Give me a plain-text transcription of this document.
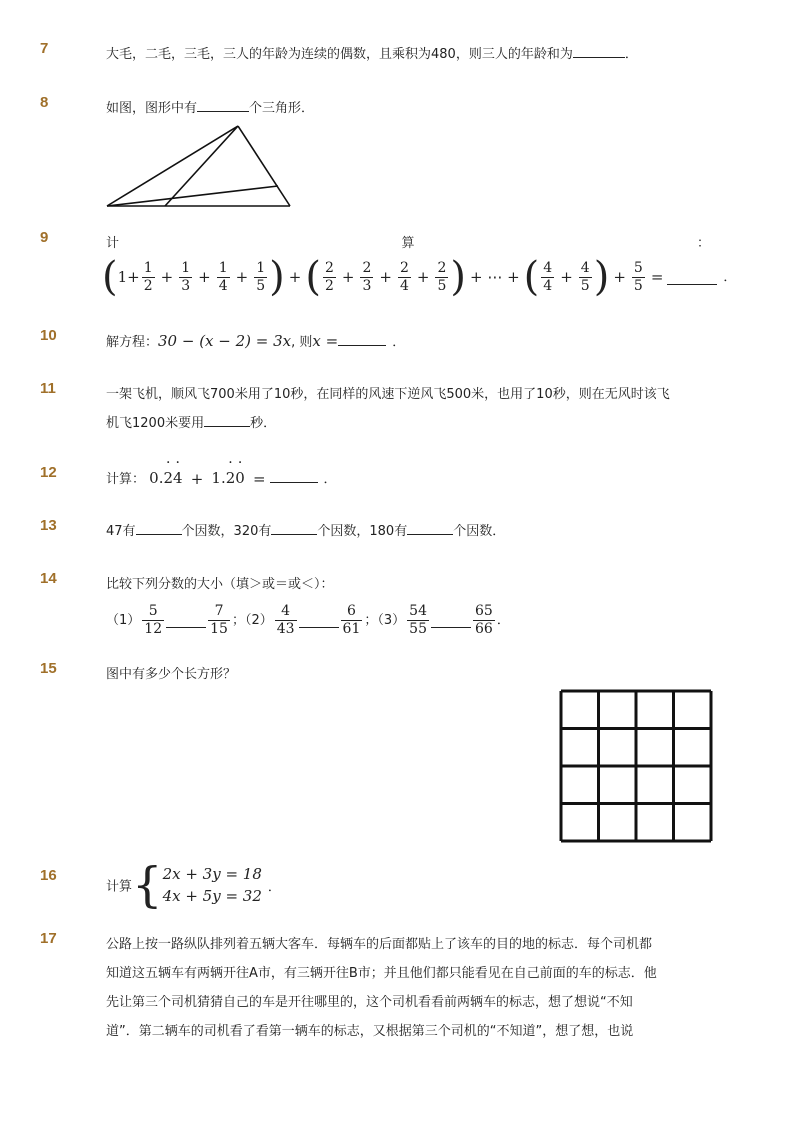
7	大毛，二毛，三毛，三人的年龄为连续的偶数，且乘积为480，则三人的年龄和为	．
8	如图，图形中有	个三角形．
9	计	算	：
($1+ \frac{1}{2} + \frac{1}{3} + \frac{1}{4} + \frac{1}{5}$ ) + ( $\frac{2}{2} + \frac{2}{3} + \frac{2}{4} + \frac{2}{5}$ ) + ⋯ + ( $\frac{4}{4} + \frac{4}{5}$ ) + $\frac{5}{5}$ =	．
10	解方程：30 − (x − 2) = 3x, 则x =	．
11	一架飞机，顺风飞700米用了10秒，在同样的风速下逆风飞500米，也用了10秒，则在无风时该飞
机飞1200米要用	秒．
12	计算： 0.
·
2
·
4 + 1.
·
2
·
0 =	．
13	47有	个因数，320有	个因数，180有	个因数．
14	比较下列分数的大小（填＞或＝或＜）：
$(1) \frac{5}{12}$	$\frac{7}{15}$ ；$(2) \frac{4}{43}$	$\frac{6}{61}$ ；$(3) \frac{54}{55}$	$\frac{65}{66}$ ．
15	图中有多少个长方形？
16
计算{ 2x + 3y = 18
4x + 5y = 32 ．
17	公路上按一路纵队排列着五辆大客车．每辆车的后面都贴上了该车的目的地的标志．每个司机都
知道这五辆车有两辆开往A市，有三辆开往B市；并且他们都只能看见在自己前面的车的标志．他
先让第三个司机猜猜自己的车是开往哪里的，这个司机看看前两辆车的标志，想了想说“不知
道”．第二辆车的司机看了看第一辆车的标志，又根据第三个司机的“不知道”，想了想，也说
